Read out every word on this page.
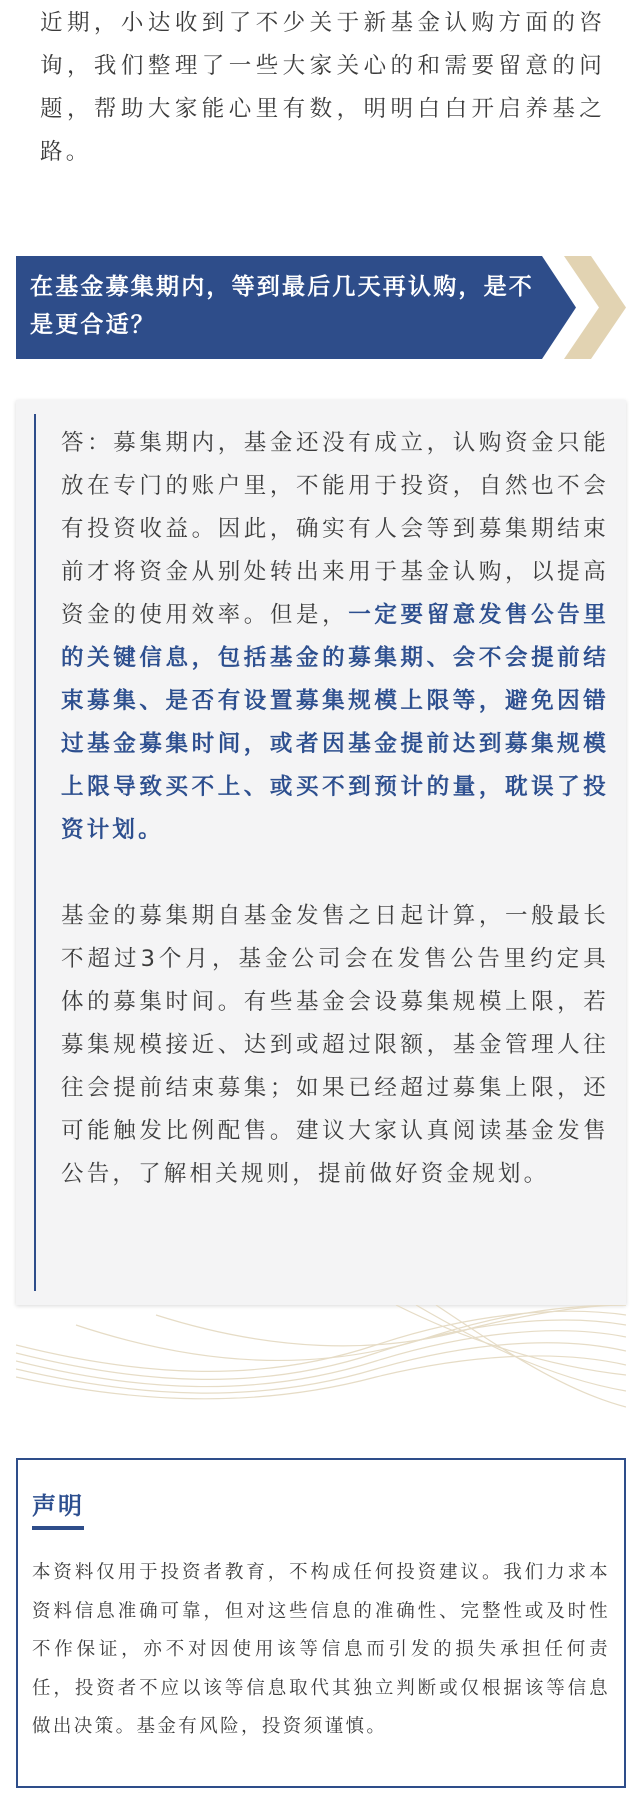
近期，小达收到了不少关于新基金认购方面的咨询，我们整理了一些大家关心的和需要留意的问题，帮助大家能心里有数，明明白白开启养基之路。

在基金募集期内，等到最后几天再认购，是不是更合适？

答：募集期内，基金还没有成立，认购资金只能放在专门的账户里，不能用于投资，自然也不会有投资收益。因此，确实有人会等到募集期结束前才将资金从别处转出来用于基金认购，以提高资金的使用效率。但是，一定要留意发售公告里的关键信息，包括基金的募集期、会不会提前结束募集、是否有设置募集规模上限等，避免因错过基金募集时间，或者因基金提前达到募集规模上限导致买不上、或买不到预计的量，耽误了投资计划。
基金的募集期自基金发售之日起计算，一般最长不超过3个月，基金公司会在发售公告里约定具体的募集时间。有些基金会设募集规模上限，若募集规模接近、达到或超过限额，基金管理人往往会提前结束募集；如果已经超过募集上限，还可能触发比例配售。建议大家认真阅读基金发售公告，了解相关规则，提前做好资金规划。

声明

本资料仅用于投资者教育，不构成任何投资建议。我们力求本资料信息准确可靠，但对这些信息的准确性、完整性或及时性不作保证，亦不对因使用该等信息而引发的损失承担任何责任，投资者不应以该等信息取代其独立判断或仅根据该等信息做出决策。基金有风险，投资须谨慎。
